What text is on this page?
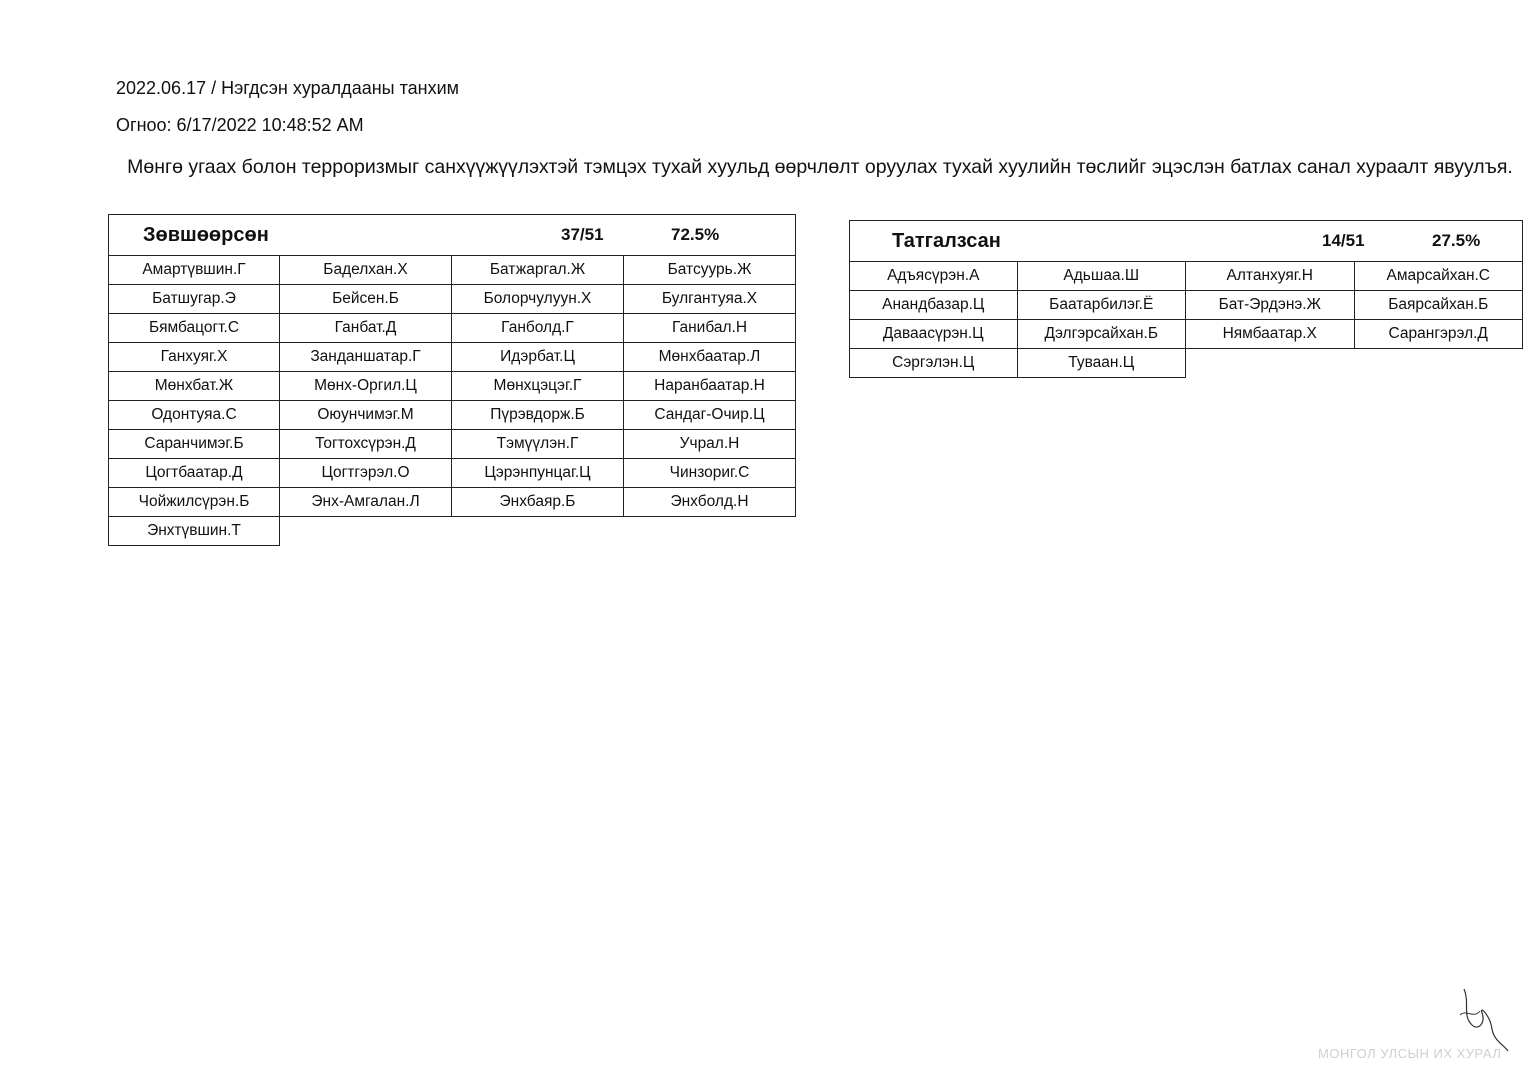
2022.06.17 / Нэгдсэн хуралдааны танхим
Огноо: 6/17/2022 10:48:52 AM
Мөнгө угаах болон терроризмыг санхүүжүүлэхтэй тэмцэх тухай хуульд өөрчлөлт оруулах тухай хуулийн төслийг эцэслэн батлах санал хураалт явуулъя.
Зөвшөөрсөн	37/51	72.5%
Амартүвшин.Г	Баделхан.Х	Батжаргал.Ж	Батсуурь.Ж
Батшугар.Э	Бейсен.Б	Болорчулуун.Х	Булгантуяа.Х
Бямбацогт.С	Ганбат.Д	Ганболд.Г	Ганибал.Н
Ганхуяг.Х	Занданшатар.Г	Идэрбат.Ц	Мөнхбаатар.Л
Мөнхбат.Ж	Мөнх-Оргил.Ц	Мөнхцэцэг.Г	Наранбаатар.Н
Одонтуяа.С	Оюунчимэг.М	Пүрэвдорж.Б	Сандаг-Очир.Ц
Саранчимэг.Б	Тогтохсүрэн.Д	Тэмүүлэн.Г	Учрал.Н
Цогтбаатар.Д	Цогтгэрэл.О	Цэрэнпунцаг.Ц	Чинзориг.С
Чойжилсүрэн.Б	Энх-Амгалан.Л	Энхбаяр.Б	Энхболд.Н
Энхтүвшин.Т
Татгалзсан	14/51	27.5%
Адъясүрэн.А	Адьшаа.Ш	Алтанхуяг.Н	Амарсайхан.С
Анандбазар.Ц	Баатарбилэг.Ё	Бат-Эрдэнэ.Ж	Баярсайхан.Б
Даваасүрэн.Ц	Дэлгэрсайхан.Б	Нямбаатар.Х	Сарангэрэл.Д
Сэргэлэн.Ц	Туваан.Ц
МОНГОЛ УЛСЫН ИХ ХУРАЛ
